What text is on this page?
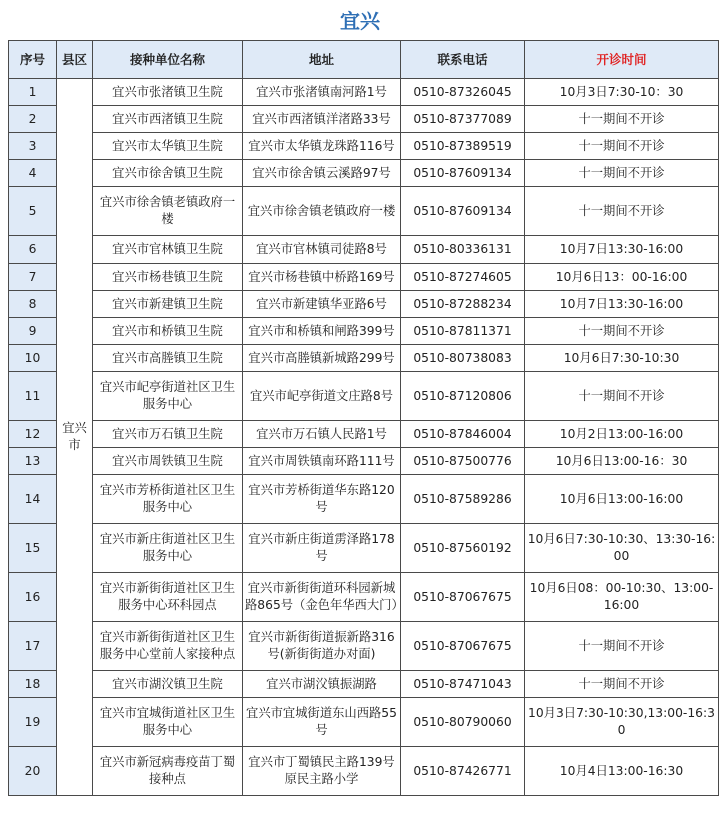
宜兴
序号	县区	接种单位名称	地址	联系电话	开诊时间
1	宜兴市	宜兴市张渚镇卫生院	宜兴市张渚镇南河路1号	0510-87326045	10月3日7:30-10：30
2		宜兴市西渚镇卫生院	宜兴市西渚镇洋渚路33号	0510-87377089	十一期间不开诊
3		宜兴市太华镇卫生院	宜兴市太华镇龙珠路116号	0510-87389519	十一期间不开诊
4		宜兴市徐舍镇卫生院	宜兴市徐舍镇云溪路97号	0510-87609134	十一期间不开诊
5		宜兴市徐舍镇老镇政府一楼	宜兴市徐舍镇老镇政府一楼	0510-87609134	十一期间不开诊
6		宜兴市官林镇卫生院	宜兴市官林镇司徒路8号	0510-80336131	10月7日13:30-16:00
7		宜兴市杨巷镇卫生院	宜兴市杨巷镇中桥路169号	0510-87274605	10月6日13：00-16:00
8		宜兴市新建镇卫生院	宜兴市新建镇华亚路6号	0510-87288234	10月7日13:30-16:00
9		宜兴市和桥镇卫生院	宜兴市和桥镇和闸路399号	0510-87811371	十一期间不开诊
10		宜兴市高塍镇卫生院	宜兴市高塍镇新城路299号	0510-80738083	10月6日7:30-10:30
11		宜兴市屺亭街道社区卫生服务中心	宜兴市屺亭街道文庄路8号	0510-87120806	十一期间不开诊
12		宜兴市万石镇卫生院	宜兴市万石镇人民路1号	0510-87846004	10月2日13:00-16:00
13		宜兴市周铁镇卫生院	宜兴市周铁镇南环路111号	0510-87500776	10月6日13:00-16：30
14		宜兴市芳桥街道社区卫生服务中心	宜兴市芳桥街道华东路120号	0510-87589286	10月6日13:00-16:00
15		宜兴市新庄街道社区卫生服务中心	宜兴市新庄街道雳泽路178号	0510-87560192	10月6日7:30-10:30、13:30-16:00
16		宜兴市新街街道社区卫生服务中心环科园点	宜兴市新街街道环科园新城路865号（金色年华西大门）	0510-87067675	10月6日08：00-10:30、13:00-16:00
17		宜兴市新街街道社区卫生服务中心堂前人家接种点	宜兴市新街街道振新路316号(新街街道办对面)	0510-87067675	十一期间不开诊
18		宜兴市湖㳇镇卫生院	宜兴市湖㳇镇振湖路	0510-87471043	十一期间不开诊
19		宜兴市宜城街道社区卫生服务中心	宜兴市宜城街道东山西路55号	0510-80790060	10月3日7:30-10:30,13:00-16:30
20		宜兴市新冠病毒疫苗丁蜀接种点	宜兴市丁蜀镇民主路139号原民主路小学	0510-87426771	10月4日13:00-16:30
